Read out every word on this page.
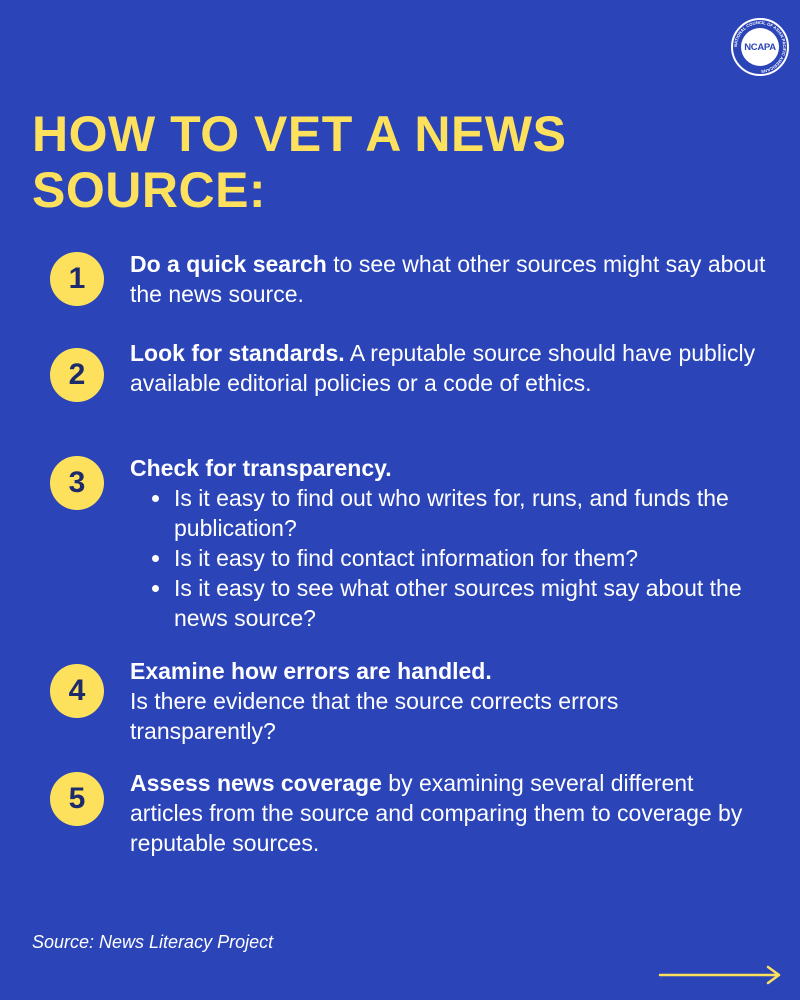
NATIONAL COUNCIL OF ASIAN PACIFIC AMERICANS
NCAPA
HOW TO VET A NEWS SOURCE:
1	Do a quick search to see what other sources might say about the news source.
2
Look for standards. A reputable source should have publicly available editorial policies or a code of ethics.
3	Check for transparency.
Is it easy to find out who writes for, runs, and funds the publication?
Is it easy to find contact information for them?
Is it easy to see what other sources might say about the news source?
4
Examine how errors are handled.
Is there evidence that the source corrects errors transparently?
5	Assess news coverage by examining several different articles from the source and comparing them to coverage by reputable sources.
Source: News Literacy Project
